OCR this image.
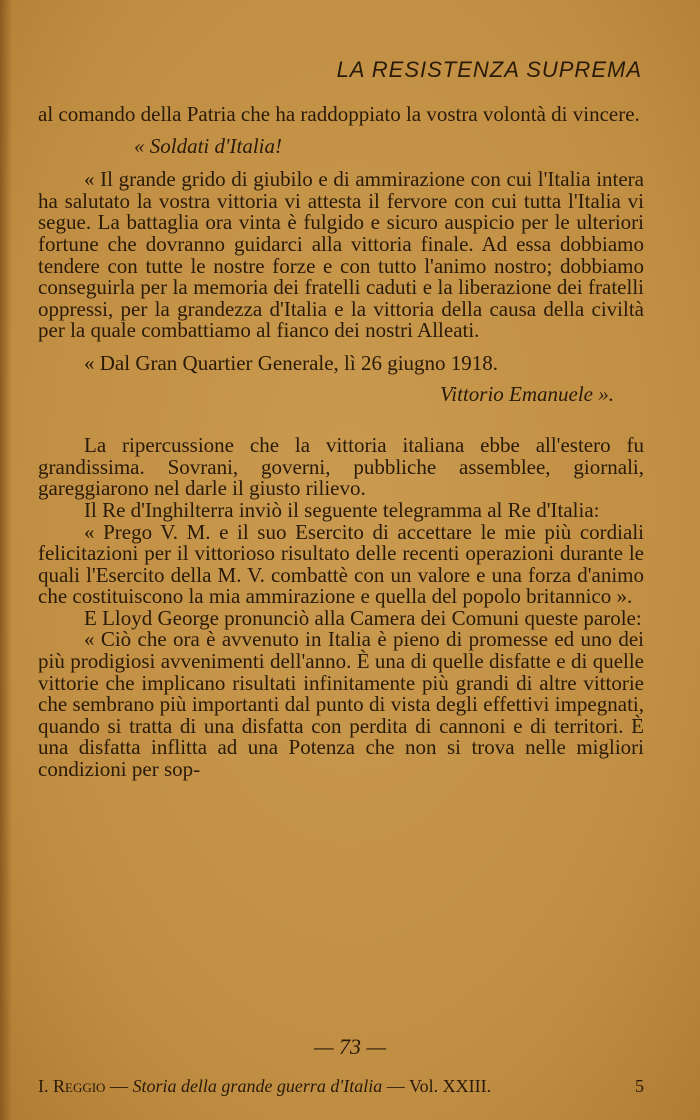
LA RESISTENZA SUPREMA

al comando della Patria che ha raddoppiato la vostra volontà di vincere.

« Soldati d'Italia!

« Il grande grido di giubilo e di ammirazione con cui l'Italia intera ha salutato la vostra vittoria vi attesta il fervore con cui tutta l'Italia vi segue. La battaglia ora vinta è fulgido e sicuro auspicio per le ulteriori fortune che dovranno guidarci alla vittoria finale. Ad essa dobbiamo tendere con tutte le nostre forze e con tutto l'animo nostro; dobbiamo conseguirla per la memoria dei fratelli caduti e la liberazione dei fratelli oppressi, per la grandezza d'Italia e la vittoria della causa della civiltà per la quale combattiamo al fianco dei nostri Alleati.

« Dal Gran Quartier Generale, lì 26 giugno 1918.

Vittorio Emanuele ».

La ripercussione che la vittoria italiana ebbe all'estero fu grandissima. Sovrani, governi, pubbliche assemblee, giornali, gareggiarono nel darle il giusto rilievo.

Il Re d'Inghilterra inviò il seguente telegramma al Re d'Italia:

« Prego V. M. e il suo Esercito di accettare le mie più cordiali felicitazioni per il vittorioso risultato delle recenti operazioni durante le quali l'Esercito della M. V. combattè con un valore e una forza d'animo che costituiscono la mia ammirazione e quella del popolo britannico ».

E Lloyd George pronunciò alla Camera dei Comuni queste parole:

« Ciò che ora è avvenuto in Italia è pieno di promesse ed uno dei più prodigiosi avvenimenti dell'anno. È una di quelle disfatte e di quelle vittorie che implicano risultati infinitamente più grandi di altre vittorie che sembrano più importanti dal punto di vista degli effettivi impegnati, quando si tratta di una disfatta con perdita di cannoni e di territori. È una disfatta inflitta ad una Potenza che non si trova nelle migliori condizioni per sop-

— 73 —
I. Reggio — Storia della grande guerra d'Italia — Vol. XXIII.	5
